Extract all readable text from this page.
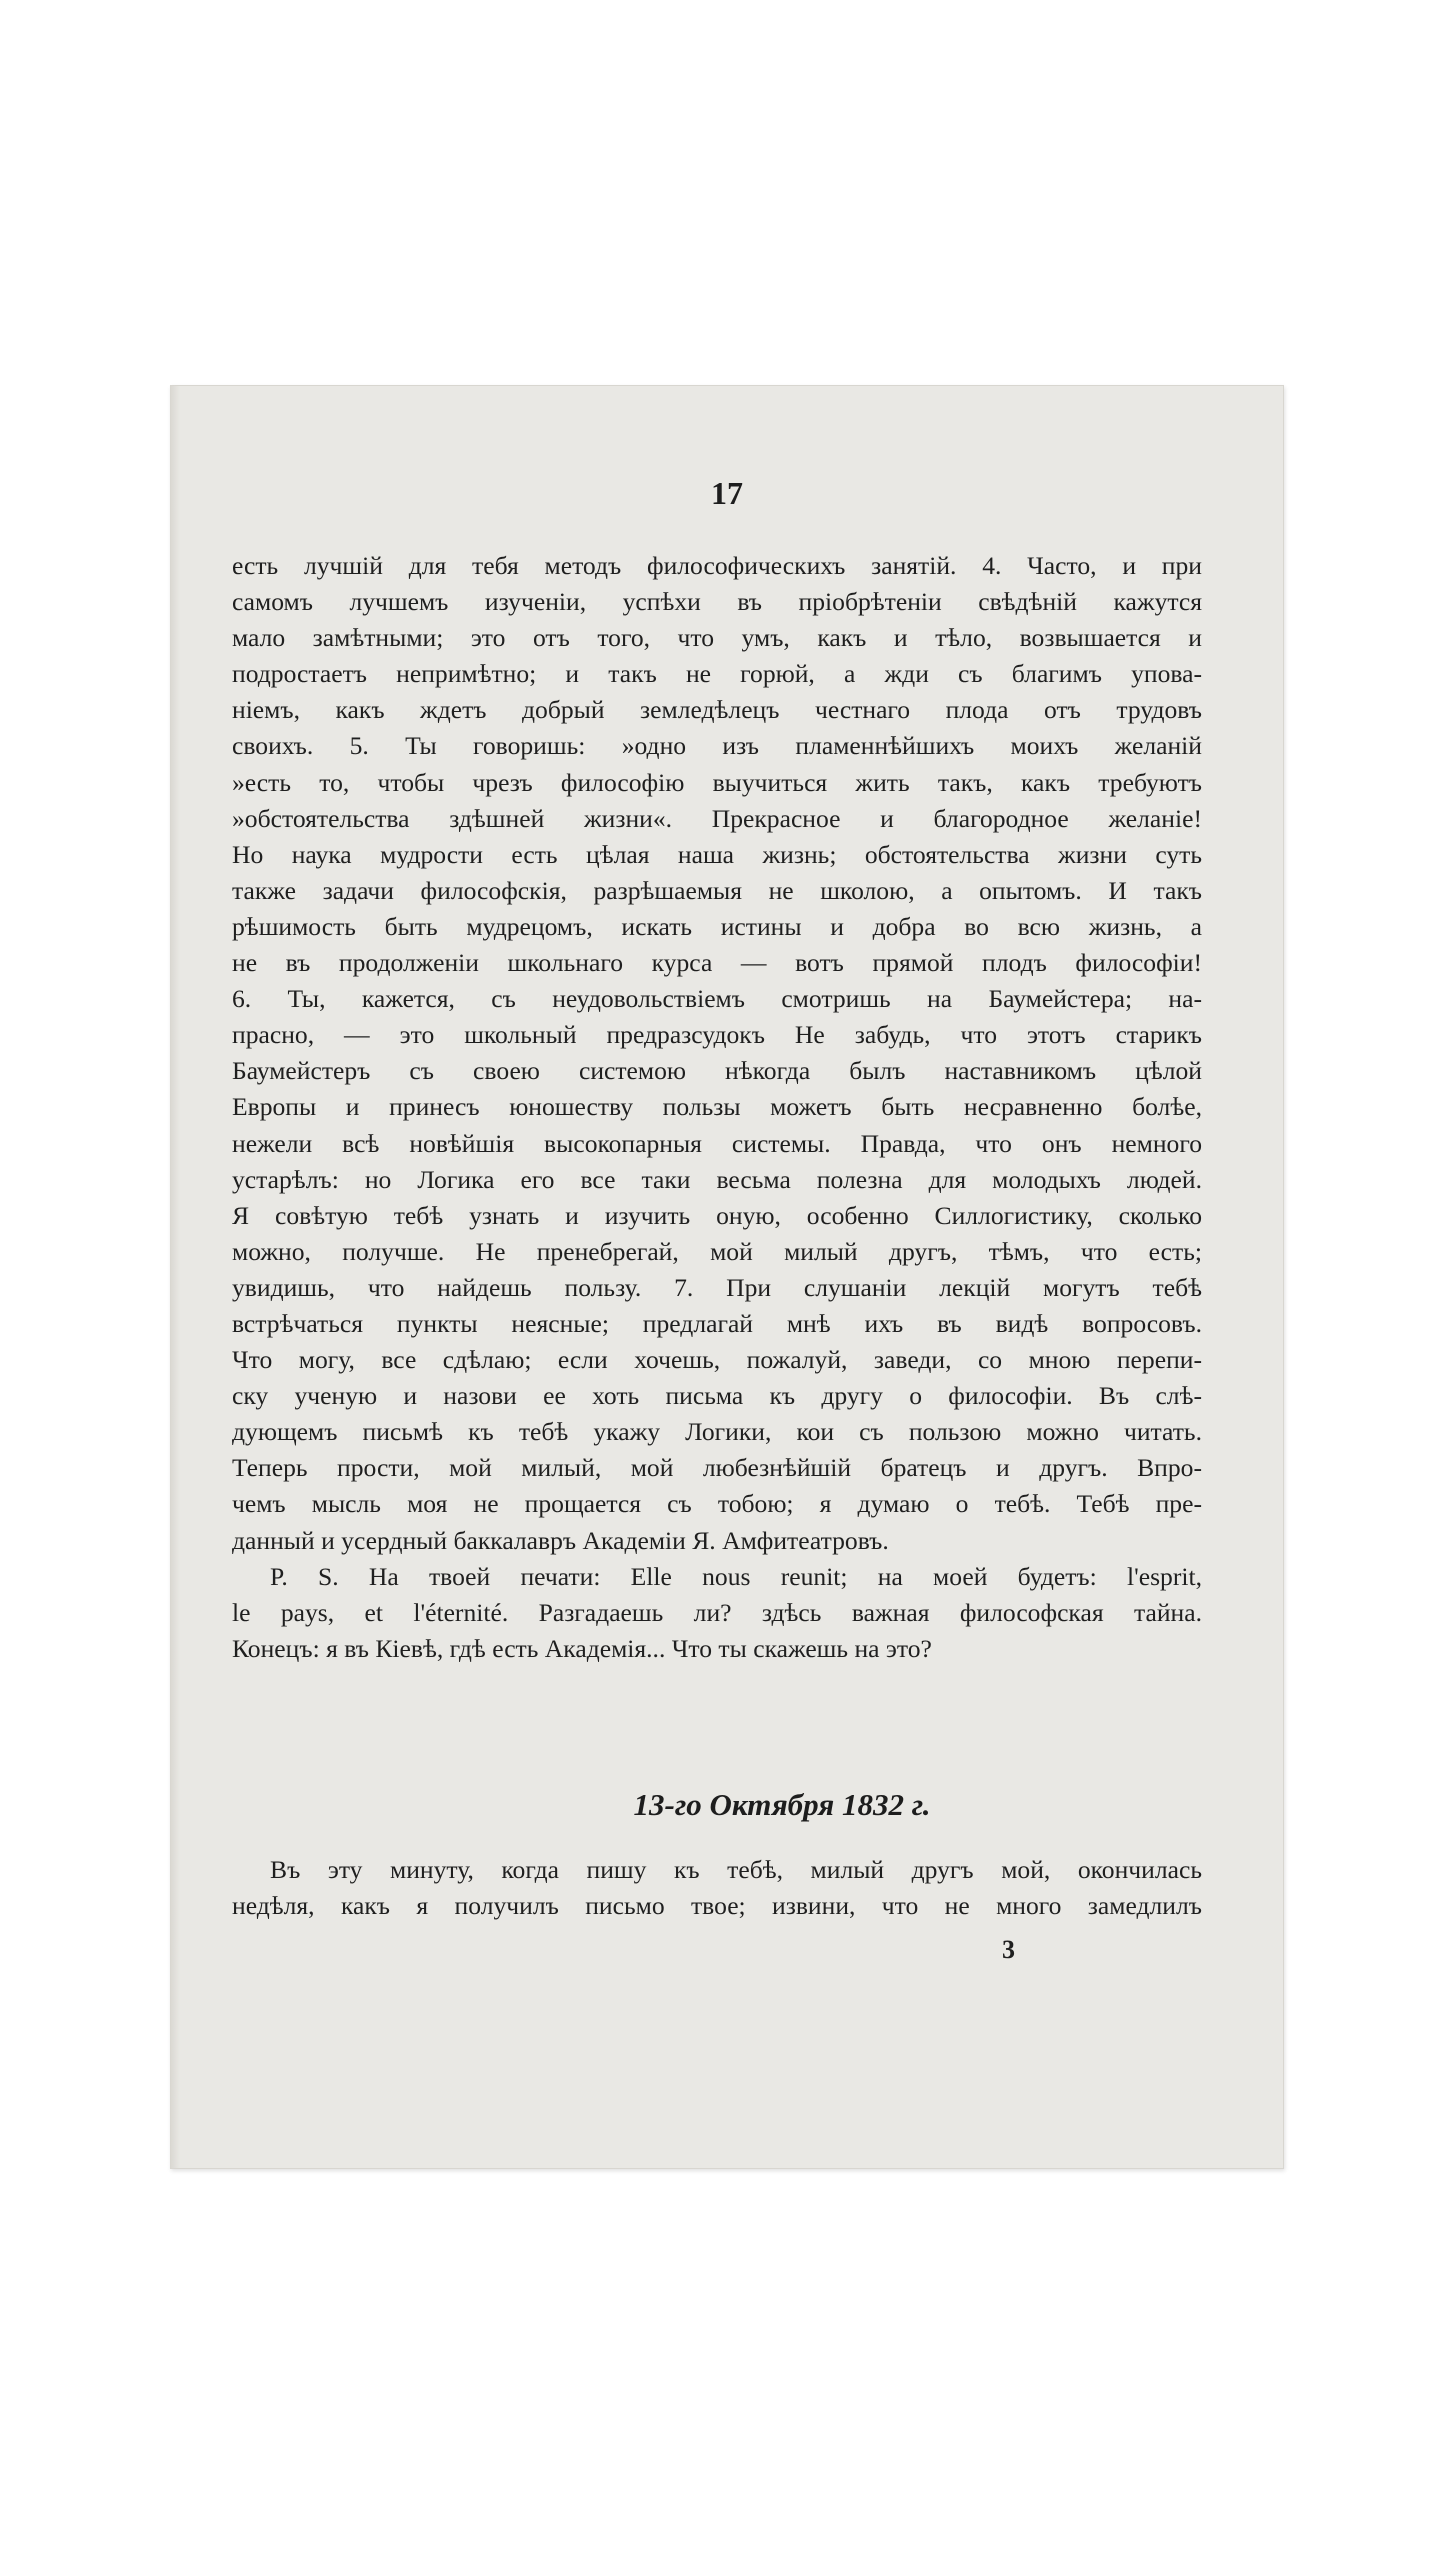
17
есть лучшій для тебя методъ философическихъ занятій. 4. Часто, и при
самомъ лучшемъ изученіи, успѣхи въ пріобрѣтеніи свѣдѣній кажутся
мало замѣтными; это отъ того, что умъ, какъ и тѣло, возвышается и
подростаетъ непримѣтно; и такъ не горюй, а жди съ благимъ упова-
ніемъ, какъ ждетъ добрый земледѣлецъ честнаго плода отъ трудовъ
своихъ. 5. Ты говоришь: »одно изъ пламеннѣйшихъ моихъ желаній
»есть то, чтобы чрезъ философію выучиться жить такъ, какъ требуютъ
»обстоятельства здѣшней жизни«. Прекрасное и благородное желаніе!
Но наука мудрости есть цѣлая наша жизнь; обстоятельства жизни суть
также задачи философскія, разрѣшаемыя не школою, а опытомъ. И такъ
рѣшимость быть мудрецомъ, искать истины и добра во всю жизнь, а
не въ продолженіи школьнаго курса — вотъ прямой плодъ философіи!
6. Ты, кажется, съ неудовольствіемъ смотришь на Баумейстера; на-
прасно, — это школьный предразсудокъ Не забудь, что этотъ старикъ
Баумейстеръ съ своею системою нѣкогда былъ наставникомъ цѣлой
Европы и принесъ юношеству пользы можетъ быть несравненно болѣе,
нежели всѣ новѣйшія высокопарныя системы. Правда, что онъ немного
устарѣлъ: но Логика его все таки весьма полезна для молодыхъ людей.
Я совѣтую тебѣ узнать и изучить оную, особенно Силлогистику, сколько
можно, получше. Не пренебрегай, мой милый другъ, тѣмъ, что есть;
увидишь, что найдешь пользу. 7. При слушаніи лекцій могутъ тебѣ
встрѣчаться пункты неясные; предлагай мнѣ ихъ въ видѣ вопросовъ.
Что могу, все сдѣлаю; если хочешь, пожалуй, заведи, со мною перепи-
ску ученую и назови ее хоть письма къ другу о философіи. Въ слѣ-
дующемъ письмѣ къ тебѣ укажу Логики, кои съ пользою можно читать.
Теперь прости, мой милый, мой любезнѣйшій братецъ и другъ. Впро-
чемъ мысль моя не прощается съ тобою; я думаю о тебѣ. Тебѣ пре-
данный и усердный баккалавръ Академіи Я. Амфитеатровъ.
P. S. На твоей печати: Elle nous reunit; на моей будетъ: l'esprit,
le pays, et l'éternité. Разгадаешь ли? здѣсь важная философская тайна.
Конецъ: я въ Кіевѣ, гдѣ есть Академія... Что ты скажешь на это?
13-го Октября 1832 г.
Въ эту минуту, когда пишу къ тебѣ, милый другъ мой, окончилась
недѣля, какъ я получилъ письмо твое; извини, что не много замедлилъ
3
